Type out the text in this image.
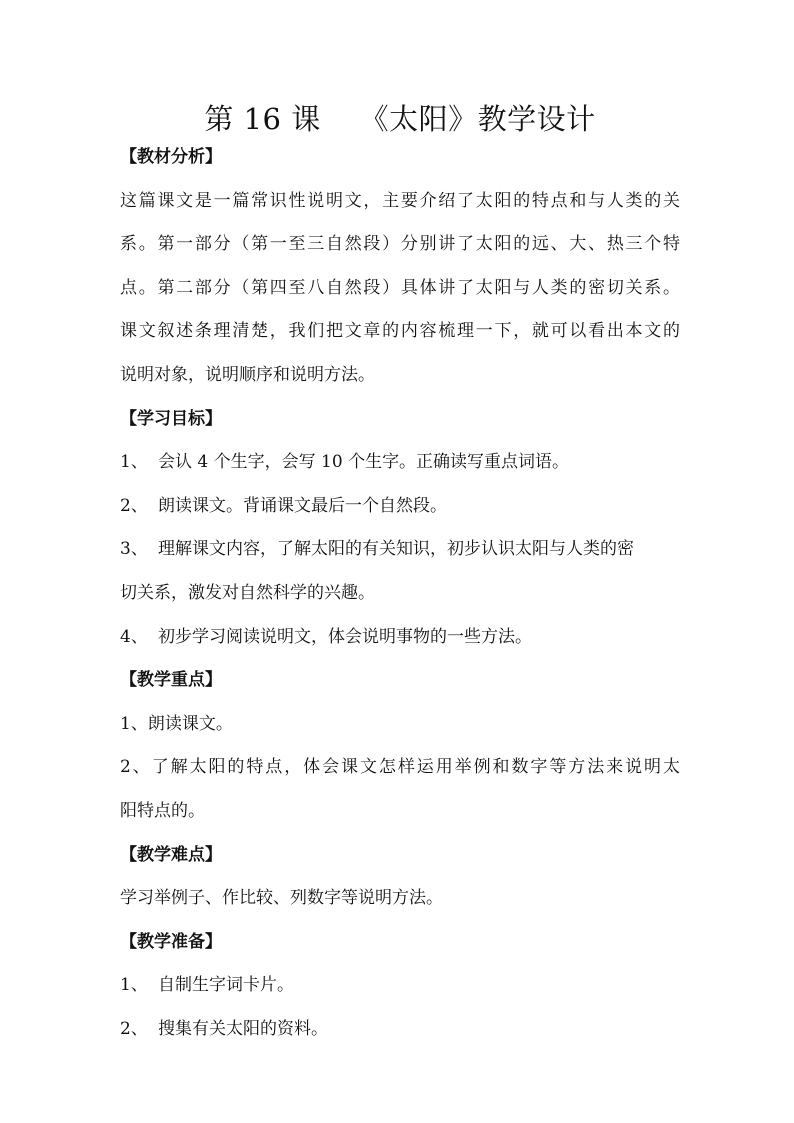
第 16 课    《太阳》教学设计
【教材分析】
这篇课文是一篇常识性说明文，主要介绍了太阳的特点和与人类的关
系。第一部分（第一至三自然段）分别讲了太阳的远、大、热三个特
点。第二部分（第四至八自然段）具体讲了太阳与人类的密切关系。
课文叙述条理清楚，我们把文章的内容梳理一下，就可以看出本文的
说明对象，说明顺序和说明方法。
【学习目标】
1、 会认 4 个生字，会写 10 个生字。正确读写重点词语。
2、 朗读课文。背诵课文最后一个自然段。
3、 理解课文内容，了解太阳的有关知识，初步认识太阳与人类的密
切关系，激发对自然科学的兴趣。
4、 初步学习阅读说明文，体会说明事物的一些方法。
【教学重点】
1、朗读课文。
2、了解太阳的特点，体会课文怎样运用举例和数字等方法来说明太
阳特点的。
【教学难点】
学习举例子、作比较、列数字等说明方法。
【教学准备】
1、 自制生字词卡片。
2、 搜集有关太阳的资料。
